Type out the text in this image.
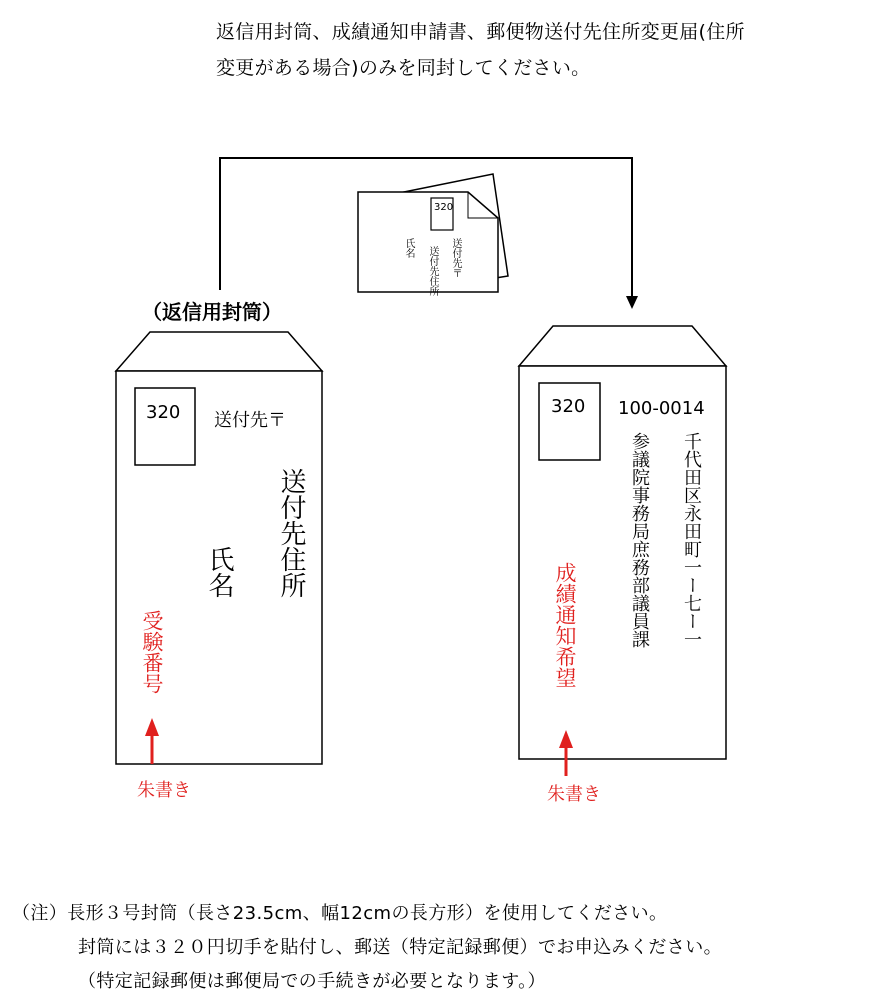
返信用封筒、成績通知申請書、郵便物送付先住所変更届(住所
変更がある場合)のみを同封してください。
320
送付先〒
氏名 送付先住所
（返信用封筒）
320 送付先〒
送付先住所
氏名
受験番号
朱書き
320 100-0014
千代田区永田町一ー七ー一
参議院事務局庶務部議員課
成績通知希望
朱書き
（注）長形３号封筒（長さ23.5cm、幅12cmの長方形）を使用してください。
封筒には３２０円切手を貼付し、郵送（特定記録郵便）でお申込みください。
（特定記録郵便は郵便局での手続きが必要となります。）
